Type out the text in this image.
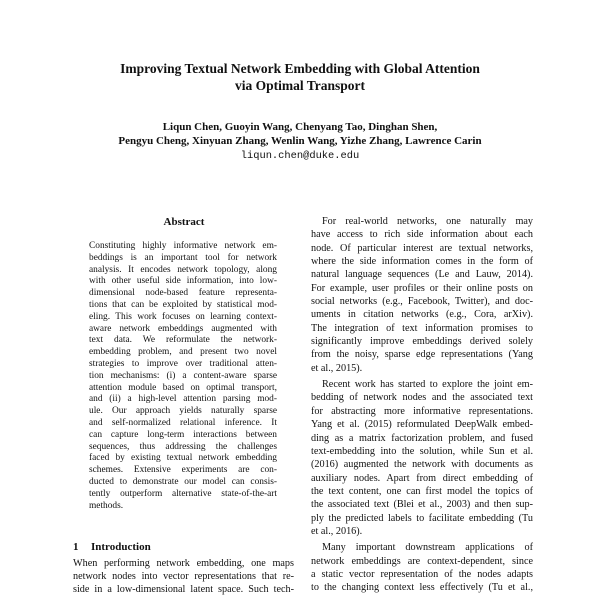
Improving Textual Network Embedding with Global Attention
via Optimal Transport
Liqun Chen, Guoyin Wang, Chenyang Tao, Dinghan Shen,
Pengyu Cheng, Xinyuan Zhang, Wenlin Wang, Yizhe Zhang, Lawrence Carin
liqun.chen@duke.edu
Abstract
Constituting highly informative network em-
beddings is an important tool for network
analysis. It encodes network topology, along
with other useful side information, into low-
dimensional node-based feature representa-
tions that can be exploited by statistical mod-
eling. This work focuses on learning context-
aware network embeddings augmented with
text data. We reformulate the network-
embedding problem, and present two novel
strategies to improve over traditional atten-
tion mechanisms: (i) a content-aware sparse
attention module based on optimal transport,
and (ii) a high-level attention parsing mod-
ule. Our approach yields naturally sparse
and self-normalized relational inference. It
can capture long-term interactions between
sequences, thus addressing the challenges
faced by existing textual network embedding
schemes. Extensive experiments are con-
ducted to demonstrate our model can consis-
tently outperform alternative state-of-the-art
methods.
1 Introduction
When performing network embedding, one maps
network nodes into vector representations that re-
side in a low-dimensional latent space. Such tech-
For real-world networks, one naturally may
have access to rich side information about each
node. Of particular interest are textual networks,
where the side information comes in the form of
natural language sequences (Le and Lauw, 2014).
For example, user profiles or their online posts on
social networks (e.g., Facebook, Twitter), and doc-
uments in citation networks (e.g., Cora, arXiv).
The integration of text information promises to
significantly improve embeddings derived solely
from the noisy, sparse edge representations (Yang
et al., 2015).
Recent work has started to explore the joint em-
bedding of network nodes and the associated text
for abstracting more informative representations.
Yang et al. (2015) reformulated DeepWalk embed-
ding as a matrix factorization problem, and fused
text-embedding into the solution, while Sun et al.
(2016) augmented the network with documents as
auxiliary nodes. Apart from direct embedding of
the text content, one can first model the topics of
the associated text (Blei et al., 2003) and then sup-
ply the predicted labels to facilitate embedding (Tu
et al., 2016).
Many important downstream applications of
network embeddings are context-dependent, since
a static vector representation of the nodes adapts
to the changing context less effectively (Tu et al.,
